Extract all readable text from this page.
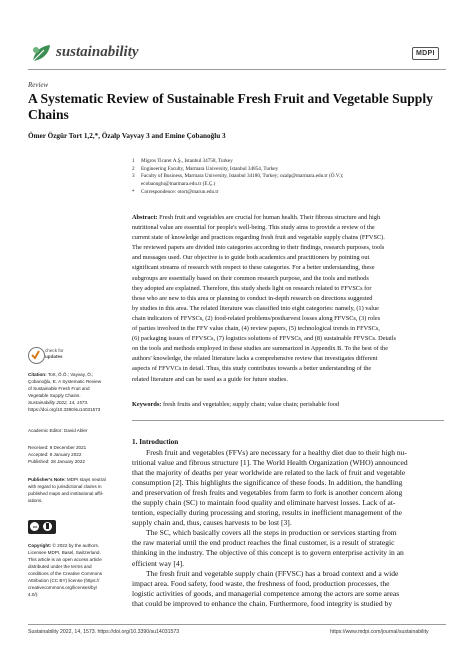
sustainability	MDPI
Review
A Systematic Review of Sustainable Fresh Fruit and Vegetable Supply Chains
Ömer Özgür Tort 1,2,*, Özalp Vayvay 3 and Emine Çobanoğlu 3
1 Migros Ticaret A.Ş., Istanbul 34758, Turkey
2 Engineering Faculty, Marmara University, Istanbul 34854, Turkey
3 Faculty of Business, Marmara University, Istanbul 34180, Turkey; ozalp@marmara.edu.tr (Ö.V.);
ecobanoglu@marmara.edu.tr (E.Ç.)
* Correspondence: otort@marun.edu.tr
Abstract: Fresh fruit and vegetables are crucial for human health. Their fibrous structure and high
nutritional value are essential for people's well-being. This study aims to provide a review of the
current state of knowledge and practices regarding fresh fruit and vegetable supply chains (FFVSC).
The reviewed papers are divided into categories according to their findings, research purposes, tools
and messages used. Our objective is to guide both academics and practitioners by pointing out
significant streams of research with respect to these categories. For a better understanding, these
subgroups are essentially based on their common research purpose, and the tools and methods
they adopted are explained. Therefore, this study sheds light on research related to FFVSCs for
those who are new to this area or planning to conduct in-depth research on directions suggested
by studies in this area. The related literature was classified into eight categories: namely, (1) value
chain indicators of FFVSCs, (2) food-related problems/postharvest losses along FFVSCs, (3) roles
of parties involved in the FFV value chain, (4) review papers, (5) technological trends in FFVSCs,
(6) packaging issues of FFVSCs, (7) logistics solutions of FFVSCs, and (8) sustainable FFVSCs. Details
on the tools and methods employed in these studies are summarized in Appendix B. To the best of the
authors' knowledge, the related literature lacks a comprehensive review that investigates different
aspects of FFVVCs in detail. Thus, this study contributes towards a better understanding of the
related literature and can be used as a guide for future studies.
Keywords: fresh fruits and vegetables; supply chain; value chain; perishable food
check for
updates
Citation: Tort, Ö.Ö.; Vayvay, Ö.;
Çobanoğlu, E. A Systematic Review
of Sustainable Fresh Fruit and
Vegetable Supply Chains.
Sustainability 2022, 14, 1573.
https://doi.org/10.3390/su14031573
Academic Editor: David Abler
Received: 9 December 2021
Accepted: 9 January 2022
Published: 28 January 2022
Publisher's Note: MDPI stays neutral
with regard to jurisdictional claims in
published maps and institutional affil-
iations.
cc
Copyright: © 2022 by the authors.
Licensee MDPI, Basel, Switzerland.
This article is an open access article
distributed under the terms and
conditions of the Creative Commons
Attribution (CC BY) license (https://
creativecommons.org/licenses/by/
4.0/).
1. Introduction
Fresh fruit and vegetables (FFVs) are necessary for a healthy diet due to their high nu-
tritional value and fibrous structure [1]. The World Health Organization (WHO) announced
that the majority of deaths per year worldwide are related to the lack of fruit and vegetable
consumption [2]. This highlights the significance of these foods. In addition, the handling
and preservation of fresh fruits and vegetables from farm to fork is another concern along
the supply chain (SC) to maintain food quality and eliminate harvest losses. Lack of at-
tention, especially during processing and storing, results in inefficient management of the
supply chain and, thus, causes harvests to be lost [3].
The SC, which basically covers all the steps in production or services starting from
the raw material until the end product reaches the final customer, is a result of strategic
thinking in the industry. The objective of this concept is to govern enterprise activity in an
efficient way [4].
The fresh fruit and vegetable supply chain (FFVSC) has a broad context and a wide
impact area. Food safety, food waste, the freshness of food, production processes, the
logistic activities of goods, and managerial competence among the actors are some areas
that could be improved to enhance the chain. Furthermore, food integrity is studied by
Sustainability 2022, 14, 1573. https://doi.org/10.3390/su14031573	https://www.mdpi.com/journal/sustainability
